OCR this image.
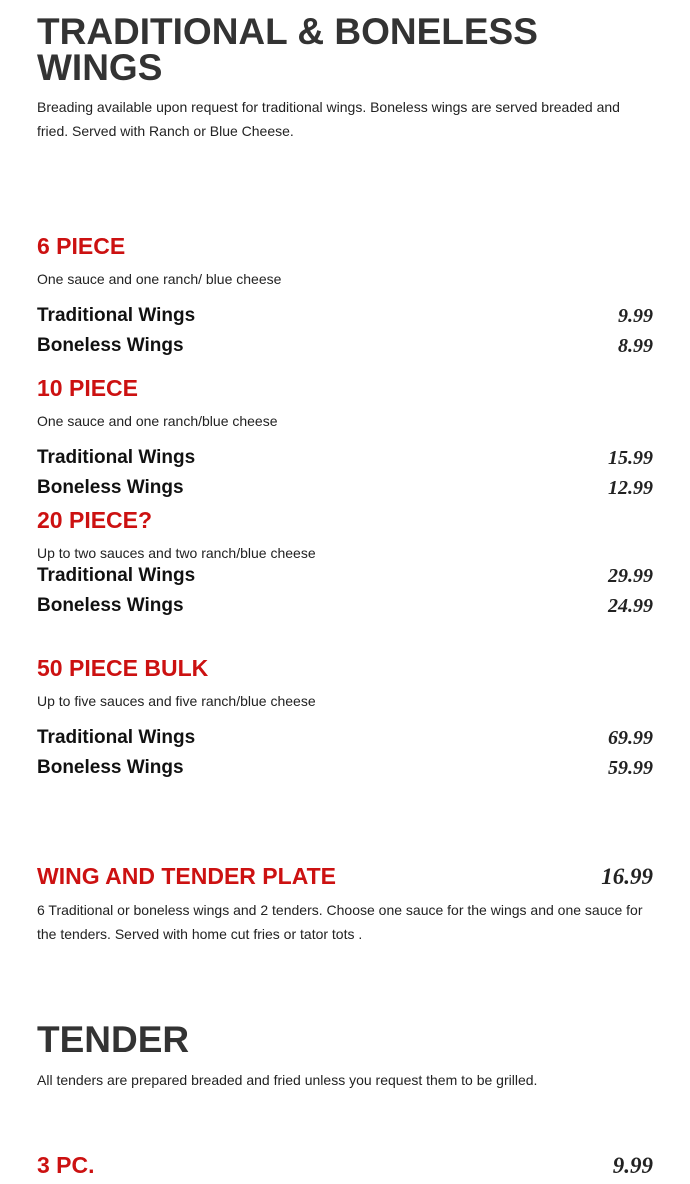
TRADITIONAL & BONELESS WINGS

Breading available upon request for traditional wings. Boneless wings are served breaded and fried. Served with Ranch or Blue Cheese.

6 PIECE

One sauce and one ranch/ blue cheese

Traditional Wings	9.99
Boneless Wings	8.99
10 PIECE

One sauce and one ranch/blue cheese

Traditional Wings	15.99
Boneless Wings	12.99
20 PIECE?

Up to two sauces and two ranch/blue cheese

Traditional Wings	29.99
Boneless Wings	24.99
50 PIECE BULK

Up to five sauces and five ranch/blue cheese

Traditional Wings	69.99
Boneless Wings	59.99
WING AND TENDER PLATE	16.99

6 Traditional or boneless wings and 2 tenders. Choose one sauce for the wings and one sauce for the tenders. Served with home cut fries or tator tots .

TENDER

All tenders are prepared breaded and fried unless you request them to be grilled.

3 PC.	9.99
